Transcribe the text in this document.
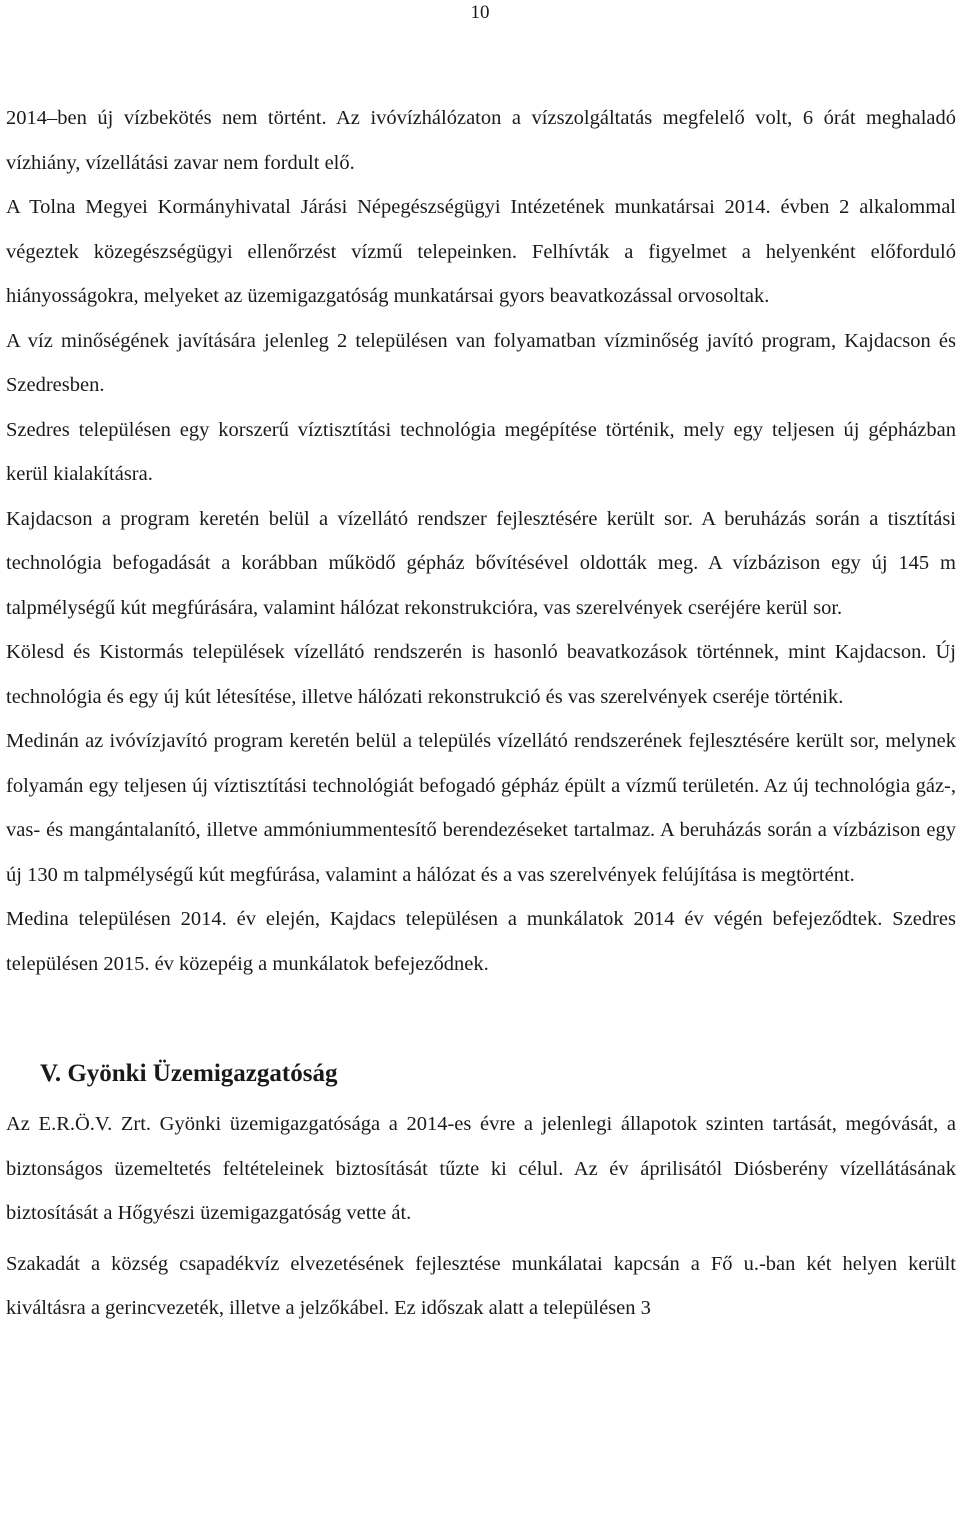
10

2014–ben új vízbekötés nem történt. Az ivóvízhálózaton a vízszolgáltatás megfelelő volt, 6 órát meghaladó vízhiány, vízellátási zavar nem fordult elő.

A Tolna Megyei Kormányhivatal Járási Népegészségügyi Intézetének munkatársai 2014. évben 2 alkalommal végeztek közegészségügyi ellenőrzést vízmű telepeinken. Felhívták a figyelmet a helyenként előforduló hiányosságokra, melyeket az üzemigazgatóság munkatársai gyors beavatkozással orvosoltak.

A víz minőségének javítására jelenleg 2 településen van folyamatban vízminőség javító program, Kajdacson és Szedresben.

Szedres településen egy korszerű víztisztítási technológia megépítése történik, mely egy teljesen új gépházban kerül kialakításra.

Kajdacson a program keretén belül a vízellátó rendszer fejlesztésére került sor. A beruházás során a tisztítási technológia befogadását a korábban működő gépház bővítésével oldották meg. A vízbázison egy új 145 m talpmélységű kút megfúrására, valamint hálózat rekonstrukcióra, vas szerelvények cseréjére kerül sor.

Kölesd és Kistormás települések vízellátó rendszerén is hasonló beavatkozások történnek, mint Kajdacson. Új technológia és egy új kút létesítése, illetve hálózati rekonstrukció és vas szerelvények cseréje történik.

Medinán az ivóvízjavító program keretén belül a település vízellátó rendszerének fejlesztésére került sor, melynek folyamán egy teljesen új víztisztítási technológiát befogadó gépház épült a vízmű területén. Az új technológia gáz-, vas- és mangántalanító, illetve ammóniummentesítő berendezéseket tartalmaz. A beruházás során a vízbázison egy új 130 m talpmélységű kút megfúrása, valamint a hálózat és a vas szerelvények felújítása is megtörtént.

Medina településen 2014. év elején, Kajdacs településen a munkálatok 2014 év végén befejeződtek. Szedres településen 2015. év közepéig a munkálatok befejeződnek.

V. Gyönki Üzemigazgatóság

Az E.R.Ö.V. Zrt. Gyönki üzemigazgatósága a 2014-es évre a jelenlegi állapotok szinten tartását, megóvását, a biztonságos üzemeltetés feltételeinek biztosítását tűzte ki célul. Az év áprilisától Diósberény vízellátásának biztosítását a Hőgyészi üzemigazgatóság vette át.

Szakadát a község csapadékvíz elvezetésének fejlesztése munkálatai kapcsán a Fő u.-ban két helyen került kiváltásra a gerincvezeték, illetve a jelzőkábel. Ez időszak alatt a településen 3
